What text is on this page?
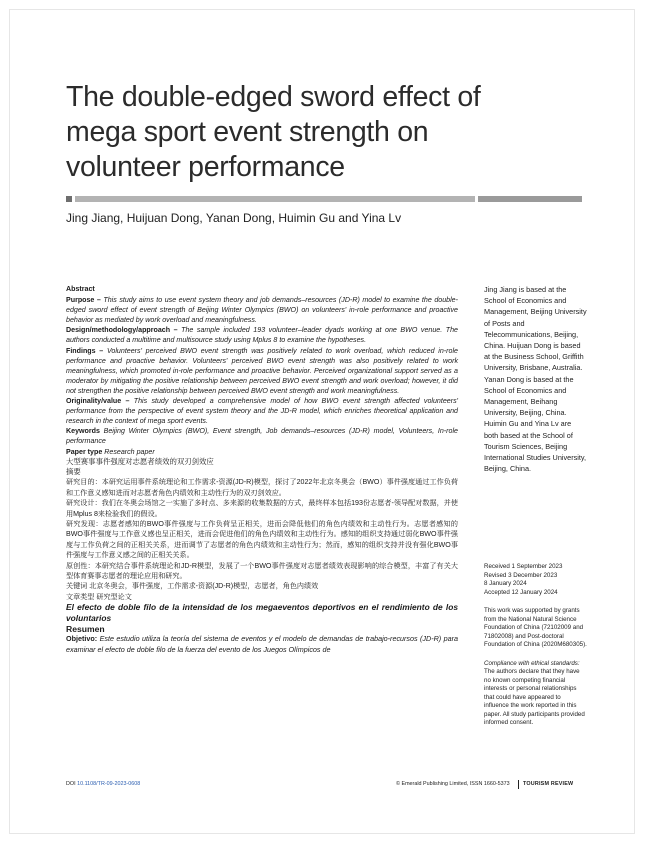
The double-edged sword effect of
mega sport event strength on
volunteer performance
Jing Jiang, Huijuan Dong, Yanan Dong, Huimin Gu and Yina Lv

Abstract

Purpose – This study aims to use event system theory and job demands–resources (JD-R) model to examine the double-edged sword effect of event strength of Beijing Winter Olympics (BWO) on volunteers' in-role performance and proactive behavior as mediated by work overload and meaningfulness.

Design/methodology/approach – The sample included 193 volunteer–leader dyads working at one BWO venue. The authors conducted a multitime and multisource study using Mplus 8 to examine the hypotheses.

Findings – Volunteers' perceived BWO event strength was positively related to work overload, which reduced in-role performance and proactive behavior. Volunteers' perceived BWO event strength was also positively related to work meaningfulness, which promoted in-role performance and proactive behavior. Perceived organizational support served as a moderator by mitigating the positive relationship between perceived BWO event strength and work overload; however, it did not strengthen the positive relationship between perceived BWO event strength and work meaningfulness.

Originality/value – This study developed a comprehensive model of how BWO event strength affected volunteers' performance from the perspective of event system theory and the JD-R model, which enriches theoretical application and research in the context of mega sport events.

Keywords Beijing Winter Olympics (BWO), Event strength, Job demands–resources (JD-R) model, Volunteers, In-role performance

Paper type Research paper

大型赛事事件强度对志愿者绩效的双刃剑效应

摘要

研究目的：本研究运用事件系统理论和工作需求-资源(JD-R)模型，探讨了2022年北京冬奥会（BWO）事件强度通过工作负荷和工作意义感知进而对志愿者角色内绩效和主动性行为的双刃剑效应。

研究设计：我们在冬奥会场馆之一实施了多时点、多来源的收集数据的方式，最终样本包括193份志愿者-领导配对数据，并使用Mplus 8来检验我们的假设。

研究发现：志愿者感知的BWO事件强度与工作负荷呈正相关，进而会降低他们的角色内绩效和主动性行为。志愿者感知的BWO事件强度与工作意义感也呈正相关，进而会促进他们的角色内绩效和主动性行为。感知的组织支持通过弱化BWO事件强度与工作负荷之间的正相关关系，进而调节了志愿者的角色内绩效和主动性行为；然而，感知的组织支持并没有强化BWO事件强度与工作意义感之间的正相关关系。

原创性：本研究结合事件系统理论和JD-R模型，发展了一个BWO事件强度对志愿者绩效表现影响的综合模型，丰富了有关大型体育赛事志愿者的理论应用和研究。

关键词 北京冬奥会，事件强度，工作需求-资源(JD-R)模型，志愿者，角色内绩效

文章类型 研究型论文

El efecto de doble filo de la intensidad de los megaeventos deportivos en el rendimiento de los voluntarios

Resumen

Objetivo: Este estudio utiliza la teoría del sistema de eventos y el modelo de demandas de trabajo-recursos (JD-R) para examinar el efecto de doble filo de la fuerza del evento de los Juegos Olímpicos de

Jing Jiang is based at the School of Economics and Management, Beijing University of Posts and Telecommunications, Beijing, China. Huijuan Dong is based at the Business School, Griffith University, Brisbane, Australia. Yanan Dong is based at the School of Economics and Management, Beihang University, Beijing, China. Huimin Gu and Yina Lv are both based at the School of Tourism Sciences, Beijing International Studies University, Beijing, China.

Received 1 September 2023

Revised 3 December 2023

8 January 2024

Accepted 12 January 2024

This work was supported by grants from the National Natural Science Foundation of China (72102009 and 71802008) and Post-doctoral Foundation of China (2020M680305).

Compliance with ethical standards: The authors declare that they have no known competing financial interests or personal relationships that could have appeared to influence the work reported in this paper. All study participants provided informed consent.

DOI 10.1108/TR-09-2023-0608	© Emerald Publishing Limited, ISSN 1660-5373 TOURISM REVIEW
